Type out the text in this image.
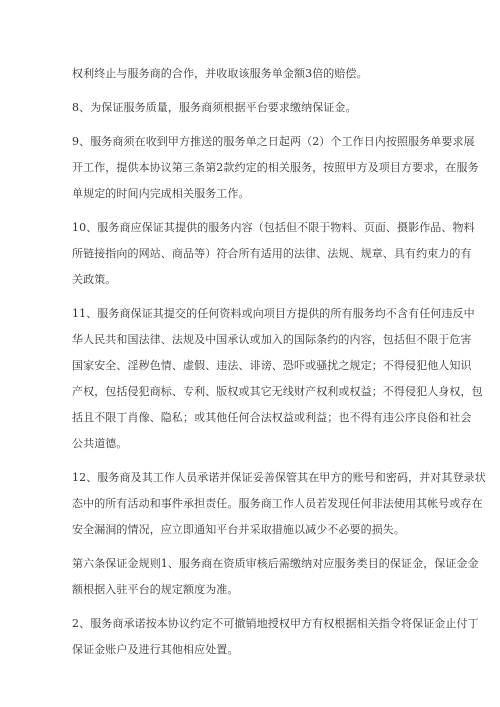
权利终止与服务商的合作，并收取该服务单金额3倍的赔偿。

8、为保证服务质量，服务商须根据平台要求缴纳保证金。

9、服务商须在收到甲方推送的服务单之日起两（2）个工作日内按照服务单要求展
开工作，提供本协议第三条第2款约定的相关服务，按照甲方及项目方要求，在服务
单规定的时间内完成相关服务工作。

10、服务商应保证其提供的服务内容（包括但不限于物料、页面、摄影作品、物料
所链接指向的网站、商品等）符合所有适用的法律、法规、规章、具有约束力的有
关政策。

11、服务商保证其提交的任何资料或向项目方提供的所有服务均不含有任何违反中
华人民共和国法律、法规及中国承认或加入的国际条约的内容，包括但不限于危害
国家安全、淫秽色情、虚假、违法、诽谤、恐吓或骚扰之规定；不得侵犯他人知识
产权，包括侵犯商标、专利、版权或其它无线财产权利或权益；不得侵犯人身权，包
括且不限丁肖像、隐私；或其他任何合法权益或利益；也不得有违公序良俗和社会
公共道德。

12、服务商及其工作人员承诺并保证妥善保管其在甲方的账号和密码，并对其登录状
态中的所有活动和事件承担责任。服务商工作人员若发现任何非法使用其帐号或存在
安全漏洞的情况，应立即通知平台并采取措施以减少不必要的损失。

第六条保证金规则1、服务商在资质审核后需缴纳对应服务类目的保证金，保证金金
额根据入驻平台的规定额度为准。

2、服务商承诺按本协议约定不可撤销地授权甲方有权根据相关指令将保证金止付丁
保证金账户及进行其他相应处置。
